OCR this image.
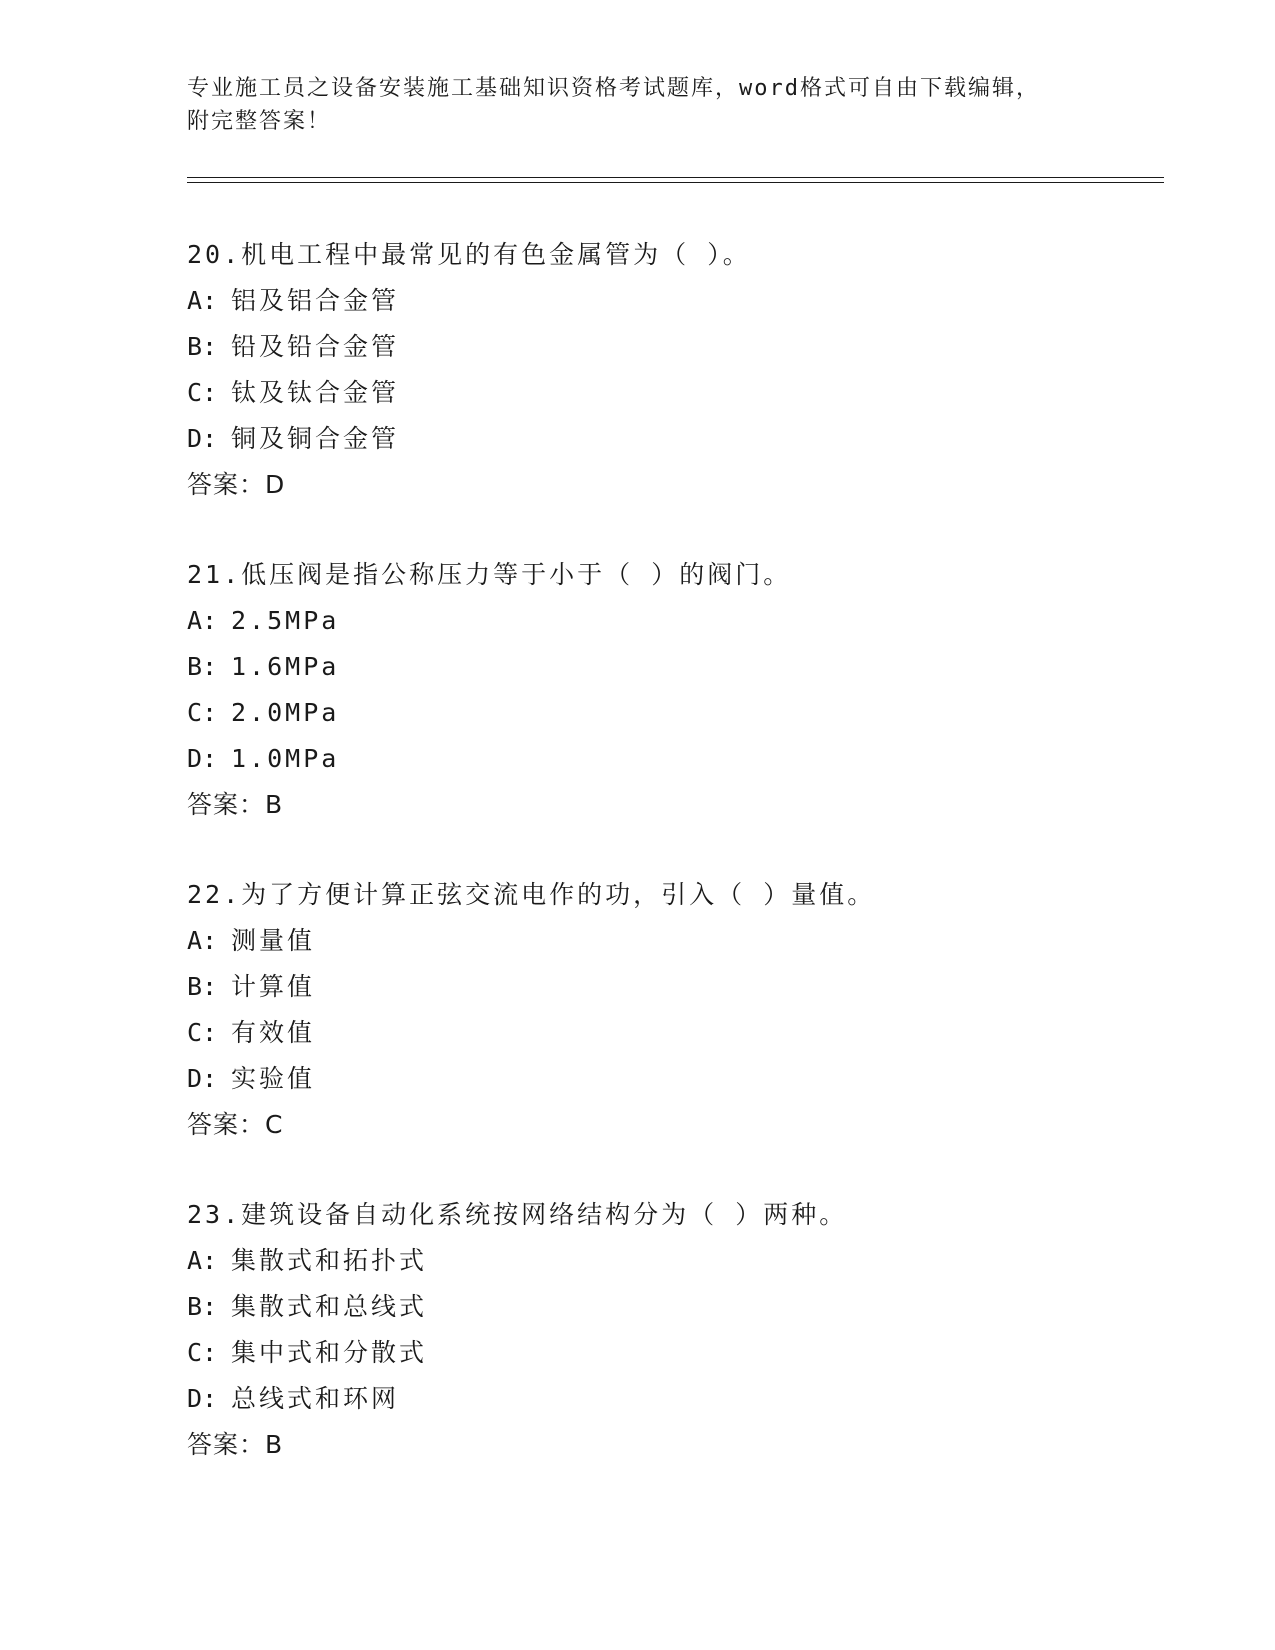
专业施工员之设备安装施工基础知识资格考试题库，word格式可自由下载编辑，
附完整答案！
20.机电工程中最常见的有色金属管为（ ）。
A: 铝及铝合金管
B: 铅及铅合金管
C: 钛及钛合金管
D: 铜及铜合金管
答案：D
21.低压阀是指公称压力等于小于（ ）的阀门。
A: 2.5MPa
B: 1.6MPa
C: 2.0MPa
D: 1.0MPa
答案：B
22.为了方便计算正弦交流电作的功，引入（ ）量值。
A: 测量值
B: 计算值
C: 有效值
D: 实验值
答案：C
23.建筑设备自动化系统按网络结构分为（ ）两种。
A: 集散式和拓扑式
B: 集散式和总线式
C: 集中式和分散式
D: 总线式和环网
答案：B
